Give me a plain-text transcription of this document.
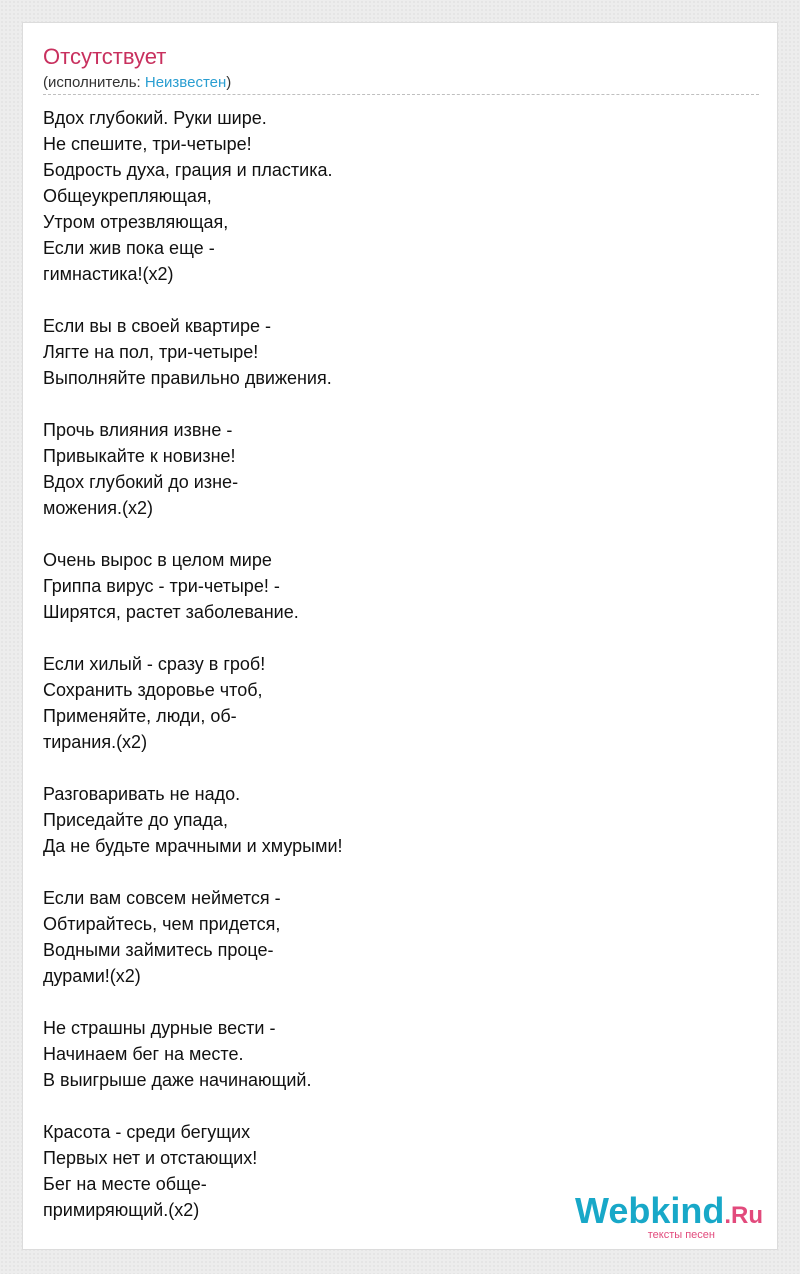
Отсутствует
(исполнитель: Неизвестен)
Вдох глубокий. Руки шире.
Не спешите, три-четыре!
Бодрость духа, грация и пластика.
Общеукрепляющая,
Утром отрезвляющая,
Если жив пока еще -
гимнастика!(x2)
Если вы в своей квартире -
Лягте на пол, три-четыре!
Выполняйте правильно движения.
Прочь влияния извне -
Привыкайте к новизне!
Вдох глубокий до изне-
можения.(x2)
Очень вырос в целом мире
Гриппа вирус - три-четыре! -
Ширятся, растет заболевание.
Если хилый - сразу в гроб!
Сохранить здоровье чтоб,
Применяйте, люди, об-
тирания.(x2)
Разговаривать не надо.
Приседайте до упада,
Да не будьте мрачными и хмурыми!
Если вам совсем неймется -
Обтирайтесь, чем придется,
Водными займитесь проце-
дурами!(x2)
Не страшны дурные вести -
Начинаем бег на месте.
В выигрыше даже начинающий.
Красота - среди бегущих
Первых нет и отстающих!
Бег на месте обще-
примиряющий.(x2)	Webkind.Ru
тексты песен
